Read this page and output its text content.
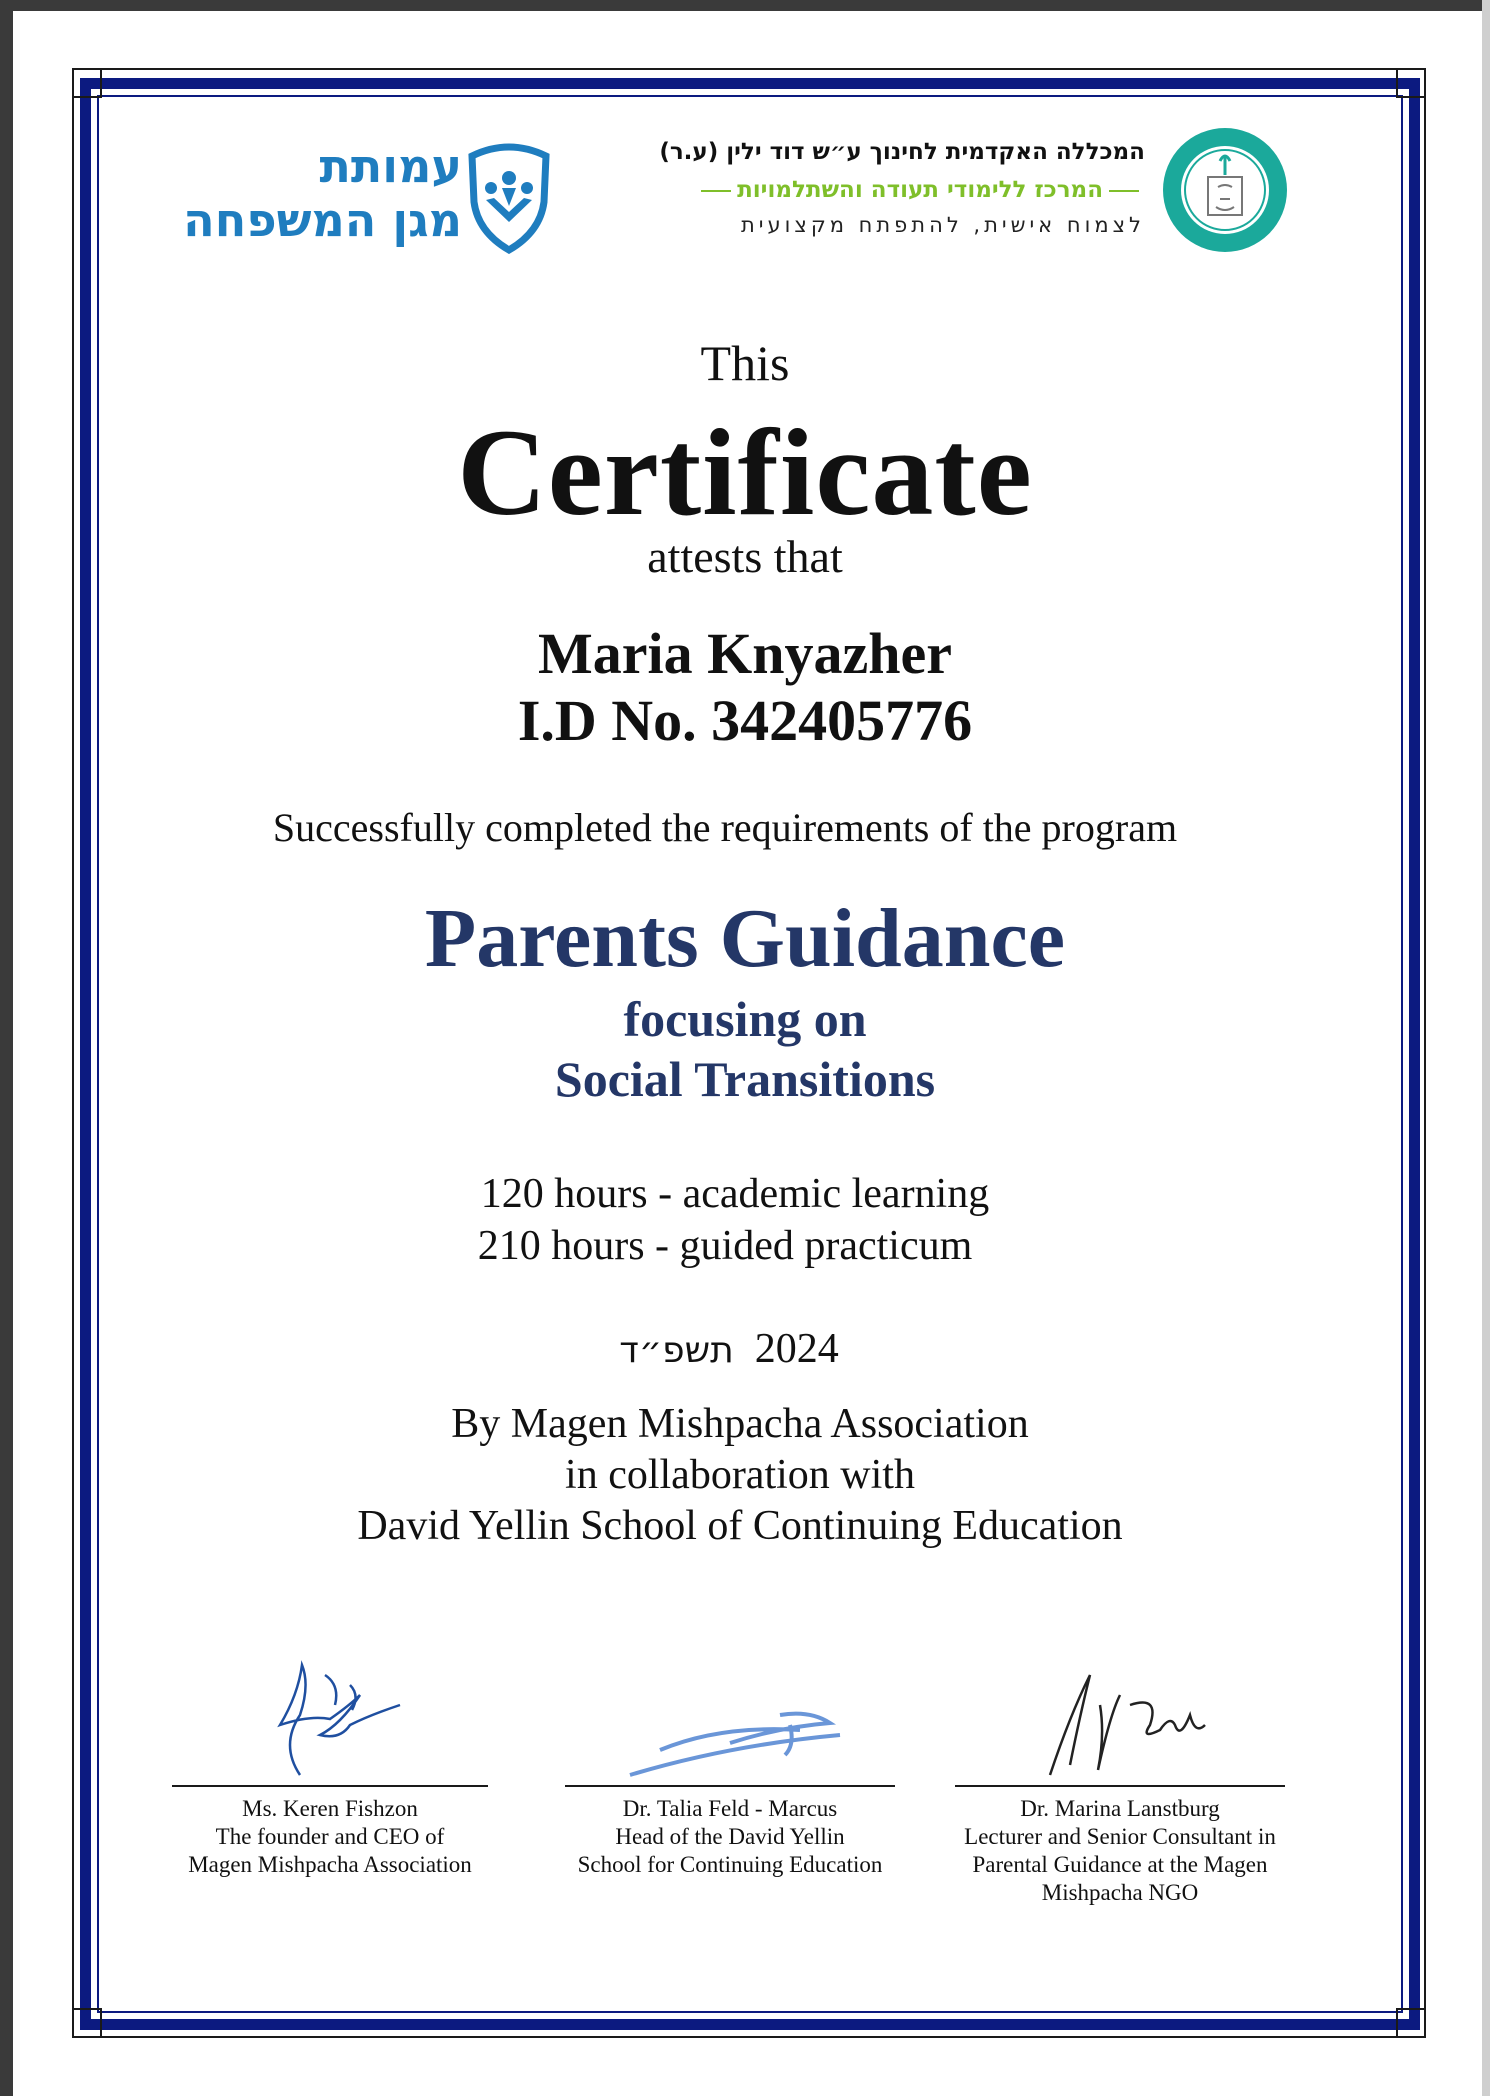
עמותת
מגן המשפחה
המכללה האקדמית לחינוך ע״ש דוד ילין (ע.ר)
המרכז ללימודי תעודה והשתלמויות
לצמוח אישית, להתפתח מקצועית
This
Certificate
attests that
Maria Knyazher
I.D No. 342405776
Successfully completed the requirements of the program
Parents Guidance
focusing on
Social Transitions
120 hours - academic learning
210 hours - guided practicum
תשפ״ד 2024
By Magen Mishpacha Association
in collaboration with
David Yellin School of Continuing Education
Ms. Keren Fishzon
The founder and CEO of
Magen Mishpacha Association
Dr. Talia Feld - Marcus
Head of the David Yellin
School for Continuing Education
Dr. Marina Lanstburg
Lecturer and Senior Consultant in
Parental Guidance at the Magen
Mishpacha NGO
